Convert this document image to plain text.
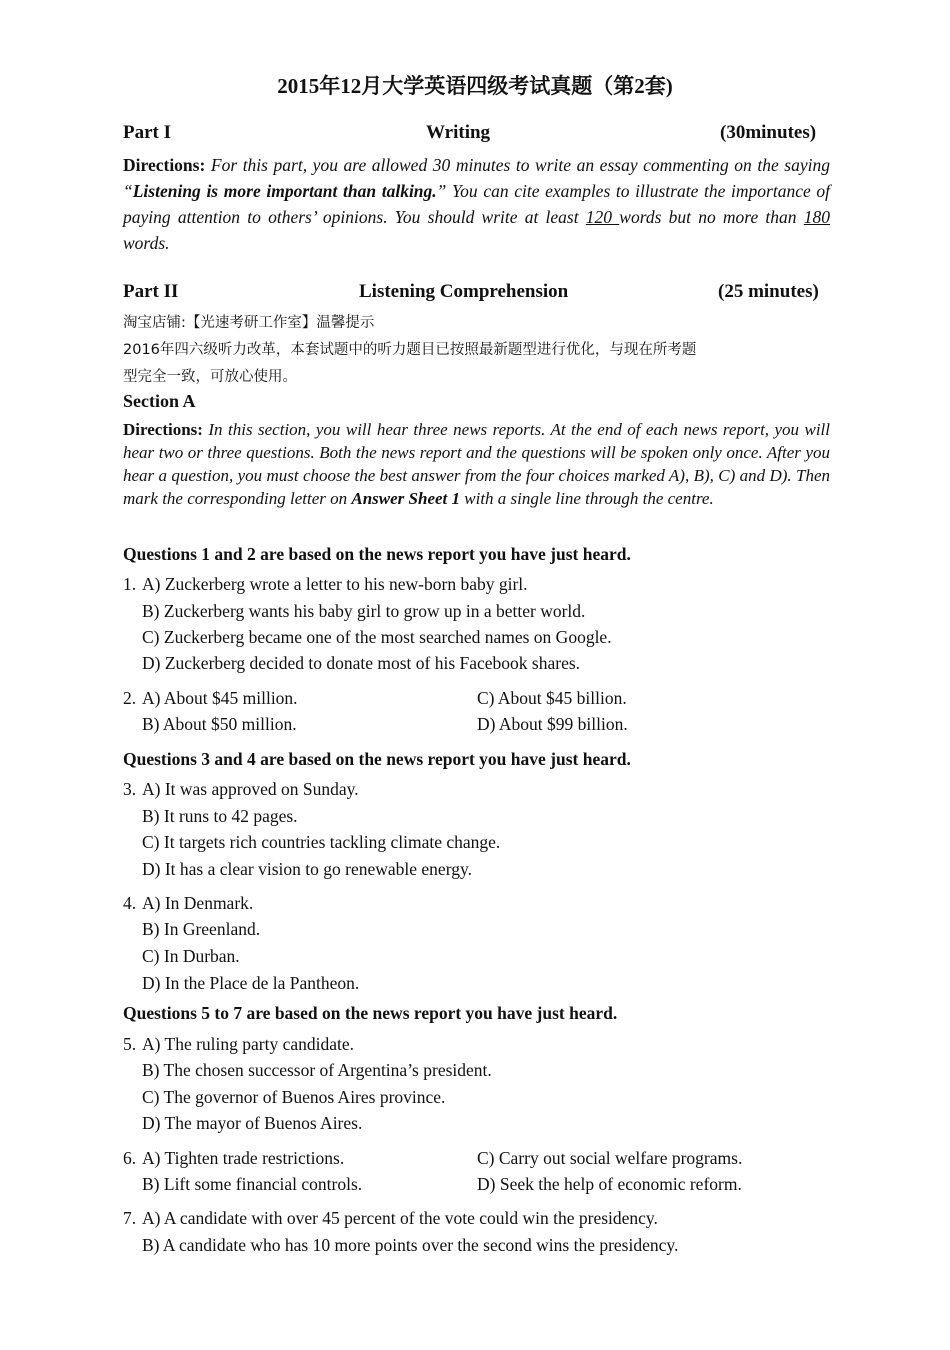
2015年12月大学英语四级考试真题（第2套)
Part I	Writing	(30minutes)
Directions: For this part, you are allowed 30 minutes to write an essay commenting on the saying “Listening is more important than talking.” You can cite examples to illustrate the importance of paying attention to others’ opinions. You should write at least 120 words but no more than 180 words.
Part II	Listening Comprehension	(25 minutes)
淘宝店铺:【光速考研工作室】温馨提示
2016年四六级听力改革，本套试题中的听力题目已按照最新题型进行优化，与现在所考题
型完全一致，可放心使用。
Section A
Directions: In this section, you will hear three news reports. At the end of each news report, you will hear two or three questions. Both the news report and the questions will be spoken only once. After you hear a question, you must choose the best answer from the four choices marked A), B), C) and D). Then mark the corresponding letter on Answer Sheet 1 with a single line through the centre.
Questions 1 and 2 are based on the news report you have just heard.
1. A) Zuckerberg wrote a letter to his new-born baby girl.
B) Zuckerberg wants his baby girl to grow up in a better world.
C) Zuckerberg became one of the most searched names on Google.
D) Zuckerberg decided to donate most of his Facebook shares.
2. A) About $45 million.
B) About $50 million.
C) About $45 billion.
D) About $99 billion.
Questions 3 and 4 are based on the news report you have just heard.
3. A) It was approved on Sunday.
B) It runs to 42 pages.
C) It targets rich countries tackling climate change.
D) It has a clear vision to go renewable energy.
4. A) In Denmark.
B) In Greenland.
C) In Durban.
D) In the Place de la Pantheon.
Questions 5 to 7 are based on the news report you have just heard.
5. A) The ruling party candidate.
B) The chosen successor of Argentina’s president.
C) The governor of Buenos Aires province.
D) The mayor of Buenos Aires.
6. A) Tighten trade restrictions.
B) Lift some financial controls.
C) Carry out social welfare programs.
D) Seek the help of economic reform.
7. A) A candidate with over 45 percent of the vote could win the presidency.
B) A candidate who has 10 more points over the second wins the presidency.
